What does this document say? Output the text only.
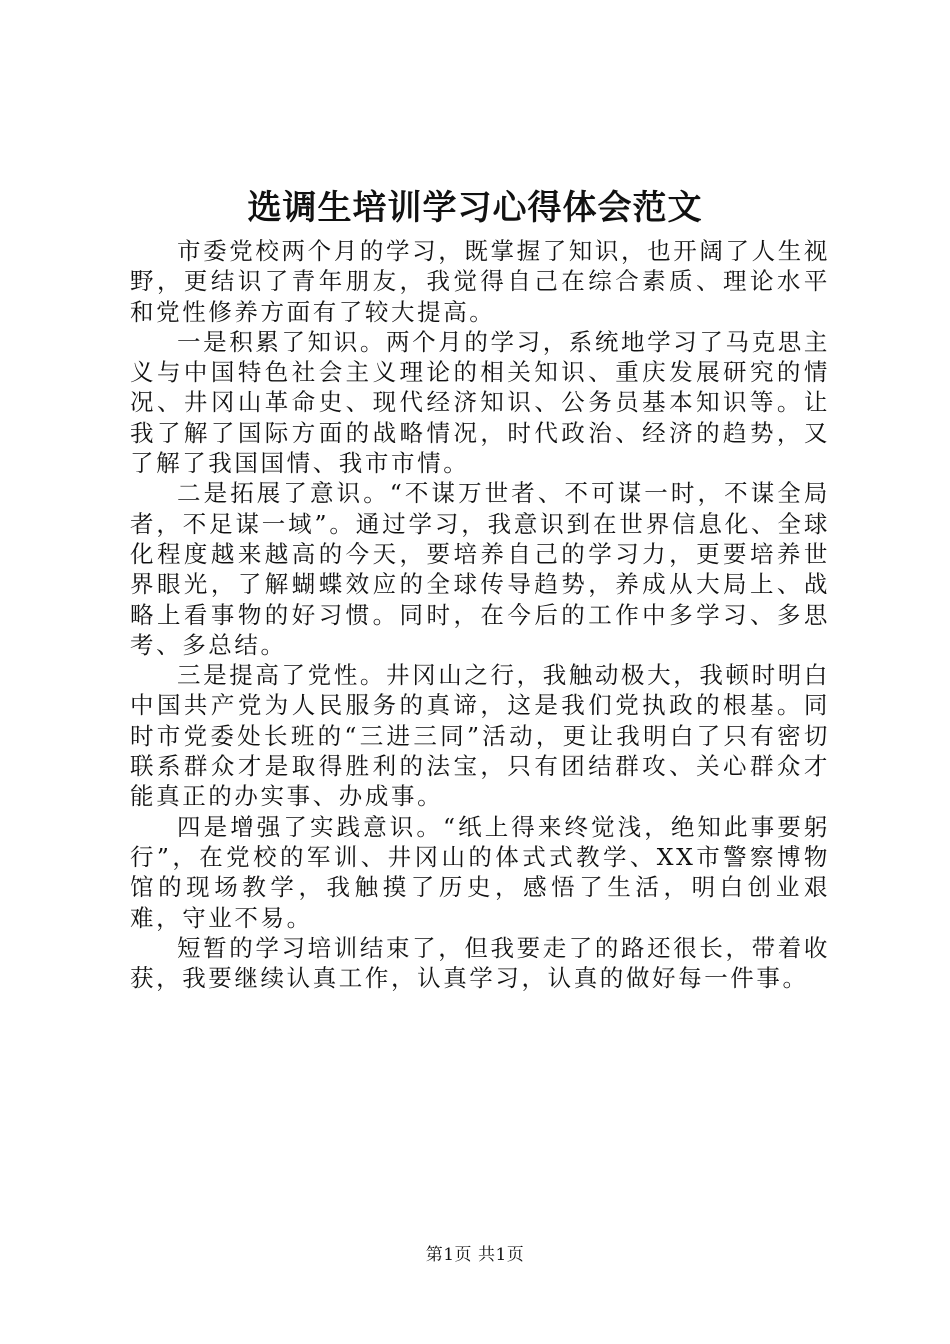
选调生培训学习心得体会范文

市委党校两个月的学习，既掌握了知识，也开阔了人生视野，更结识了青年朋友，我觉得自己在综合素质、理论水平和党性修养方面有了较大提高。

一是积累了知识。两个月的学习，系统地学习了马克思主义与中国特色社会主义理论的相关知识、重庆发展研究的情况、井冈山革命史、现代经济知识、公务员基本知识等。让我了解了国际方面的战略情况，时代政治、经济的趋势，又了解了我国国情、我市市情。

二是拓展了意识。“不谋万世者、不可谋一时，不谋全局者，不足谋一域”。通过学习，我意识到在世界信息化、全球化程度越来越高的今天，要培养自己的学习力，更要培养世界眼光，了解蝴蝶效应的全球传导趋势，养成从大局上、战略上看事物的好习惯。同时，在今后的工作中多学习、多思考、多总结。

三是提高了党性。井冈山之行，我触动极大，我顿时明白中国共产党为人民服务的真谛，这是我们党执政的根基。同时市党委处长班的“三进三同”活动，更让我明白了只有密切联系群众才是取得胜利的法宝，只有团结群攻、关心群众才能真正的办实事、办成事。

四是增强了实践意识。“纸上得来终觉浅，绝知此事要躬行”，在党校的军训、井冈山的体式式教学、XX市警察博物馆的现场教学，我触摸了历史，感悟了生活，明白创业艰难，守业不易。

短暂的学习培训结束了，但我要走了的路还很长，带着收获，我要继续认真工作，认真学习，认真的做好每一件事。

第1页 共1页
